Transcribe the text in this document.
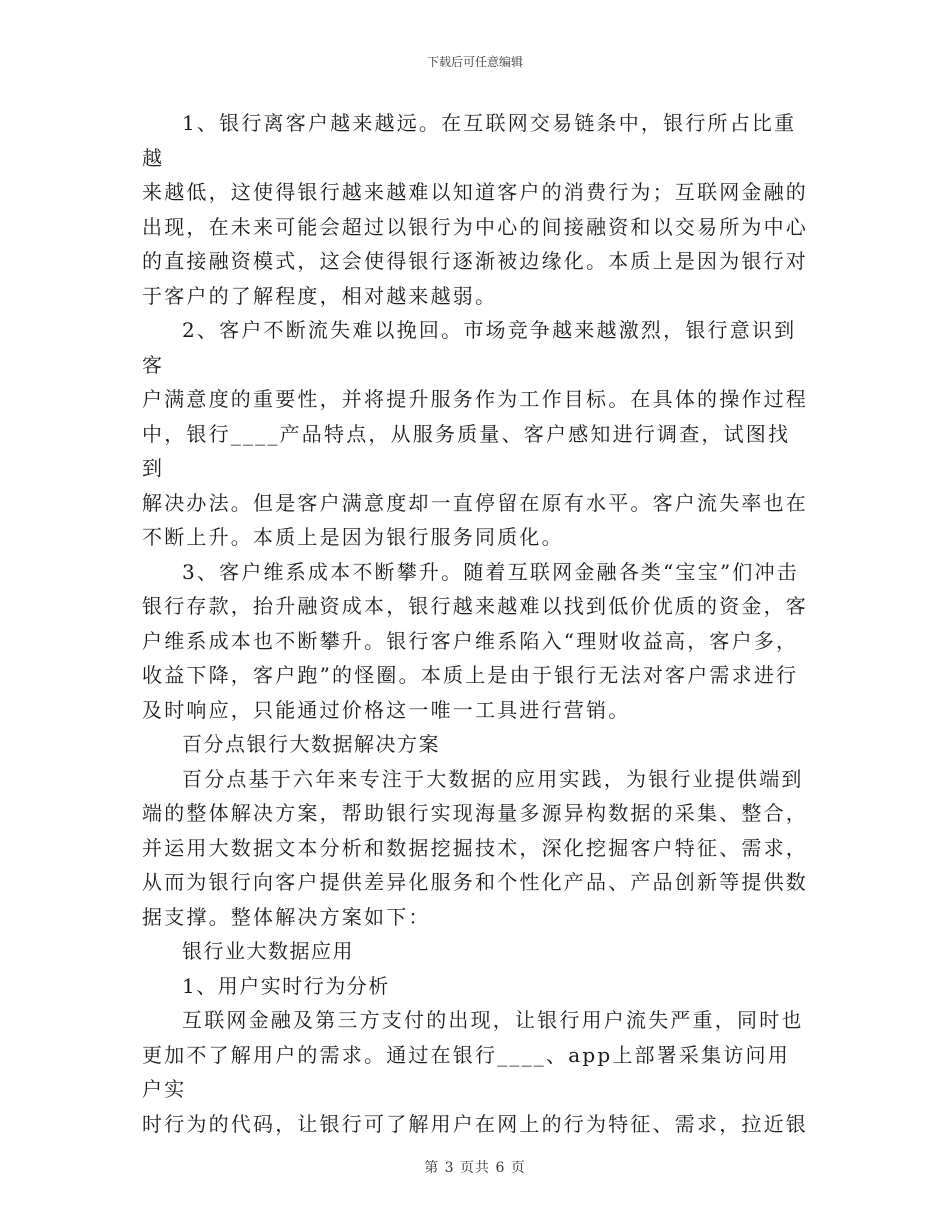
下载后可任意编辑

1、银行离客户越来越远。在互联网交易链条中，银行所占比重越
来越低，这使得银行越来越难以知道客户的消费行为；互联网金融的
出现，在未来可能会超过以银行为中心的间接融资和以交易所为中心
的直接融资模式，这会使得银行逐渐被边缘化。本质上是因为银行对
于客户的了解程度，相对越来越弱。

2、客户不断流失难以挽回。市场竞争越来越激烈，银行意识到客
户满意度的重要性，并将提升服务作为工作目标。在具体的操作过程
中，银行____产品特点，从服务质量、客户感知进行调查，试图找到
解决办法。但是客户满意度却一直停留在原有水平。客户流失率也在
不断上升。本质上是因为银行服务同质化。

3、客户维系成本不断攀升。随着互联网金融各类“宝宝”们冲击
银行存款，抬升融资成本，银行越来越难以找到低价优质的资金，客
户维系成本也不断攀升。银行客户维系陷入“理财收益高，客户多，
收益下降，客户跑”的怪圈。本质上是由于银行无法对客户需求进行
及时响应，只能通过价格这一唯一工具进行营销。

百分点银行大数据解决方案

百分点基于六年来专注于大数据的应用实践，为银行业提供端到
端的整体解决方案，帮助银行实现海量多源异构数据的采集、整合，
并运用大数据文本分析和数据挖掘技术，深化挖掘客户特征、需求，
从而为银行向客户提供差异化服务和个性化产品、产品创新等提供数
据支撑。整体解决方案如下：

银行业大数据应用

1、用户实时行为分析

互联网金融及第三方支付的出现，让银行用户流失严重，同时也
更加不了解用户的需求。通过在银行____、app上部署采集访问用户实
时行为的代码，让银行可了解用户在网上的行为特征、需求，拉近银

第 3 页共 6 页
